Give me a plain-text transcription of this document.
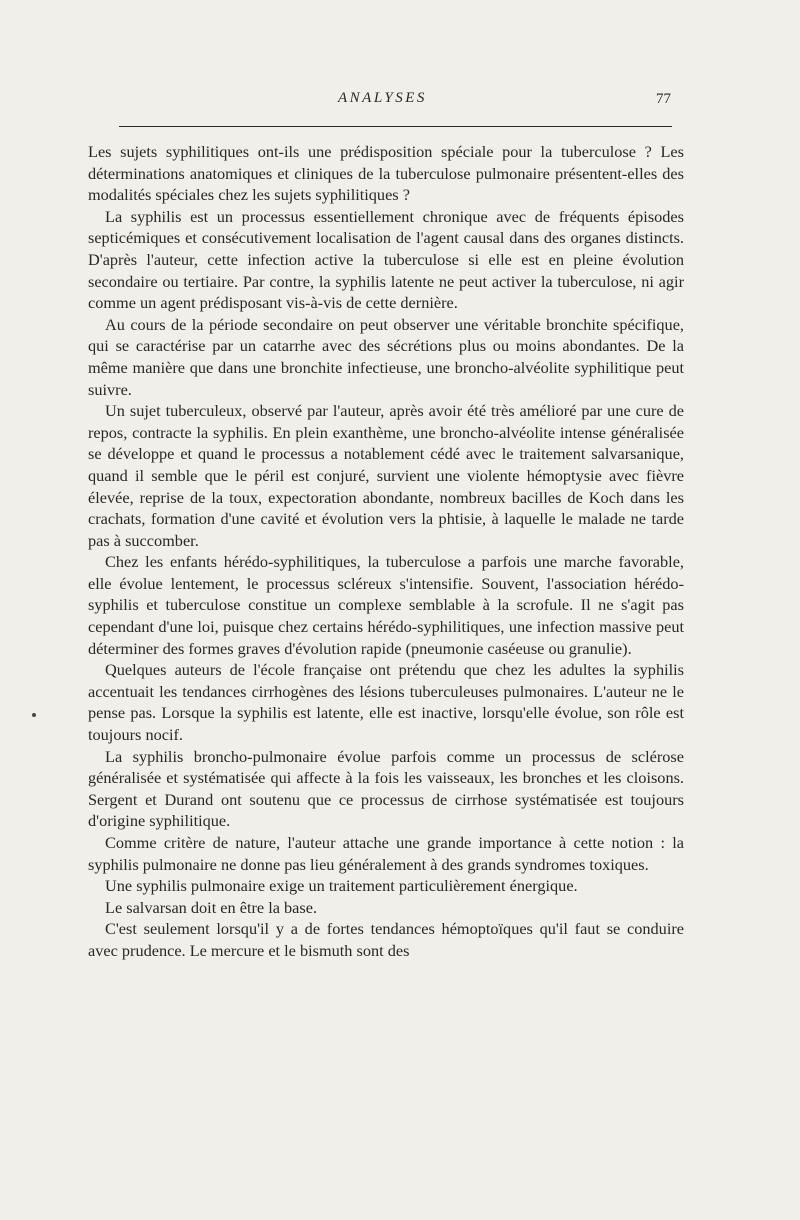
ANALYSES	77

Les sujets syphilitiques ont-ils une prédisposition spéciale pour la tuberculose ? Les déterminations anatomiques et cliniques de la tuberculose pulmonaire présentent-elles des modalités spéciales chez les sujets syphilitiques ?

La syphilis est un processus essentiellement chronique avec de fréquents épisodes septicémiques et consécutivement localisation de l'agent causal dans des organes distincts. D'après l'auteur, cette infection active la tuberculose si elle est en pleine évolution secondaire ou tertiaire. Par contre, la syphilis latente ne peut activer la tuberculose, ni agir comme un agent prédisposant vis-à-vis de cette dernière.

Au cours de la période secondaire on peut observer une véritable bronchite spécifique, qui se caractérise par un catarrhe avec des sécrétions plus ou moins abondantes. De la même manière que dans une bronchite infectieuse, une broncho-alvéolite syphilitique peut suivre.

Un sujet tuberculeux, observé par l'auteur, après avoir été très amélioré par une cure de repos, contracte la syphilis. En plein exanthème, une broncho-alvéolite intense généralisée se développe et quand le processus a notablement cédé avec le traitement salvarsanique, quand il semble que le péril est conjuré, survient une violente hémoptysie avec fièvre élevée, reprise de la toux, expectoration abondante, nombreux bacilles de Koch dans les crachats, formation d'une cavité et évolution vers la phtisie, à laquelle le malade ne tarde pas à succomber.

Chez les enfants hérédo-syphilitiques, la tuberculose a parfois une marche favorable, elle évolue lentement, le processus scléreux s'intensifie. Souvent, l'association hérédo-syphilis et tuberculose constitue un complexe semblable à la scrofule. Il ne s'agit pas cependant d'une loi, puisque chez certains hérédo-syphilitiques, une infection massive peut déterminer des formes graves d'évolution rapide (pneumonie caséeuse ou granulie).

Quelques auteurs de l'école française ont prétendu que chez les adultes la syphilis accentuait les tendances cirrhogènes des lésions tuberculeuses pulmonaires. L'auteur ne le pense pas. Lorsque la syphilis est latente, elle est inactive, lorsqu'elle évolue, son rôle est toujours nocif.

La syphilis broncho-pulmonaire évolue parfois comme un processus de sclérose généralisée et systématisée qui affecte à la fois les vaisseaux, les bronches et les cloisons. Sergent et Durand ont soutenu que ce processus de cirrhose systématisée est toujours d'origine syphilitique.

Comme critère de nature, l'auteur attache une grande importance à cette notion : la syphilis pulmonaire ne donne pas lieu généralement à des grands syndromes toxiques.

Une syphilis pulmonaire exige un traitement particulièrement énergique.

Le salvarsan doit en être la base.

C'est seulement lorsqu'il y a de fortes tendances hémoptoïques qu'il faut se conduire avec prudence. Le mercure et le bismuth sont des
